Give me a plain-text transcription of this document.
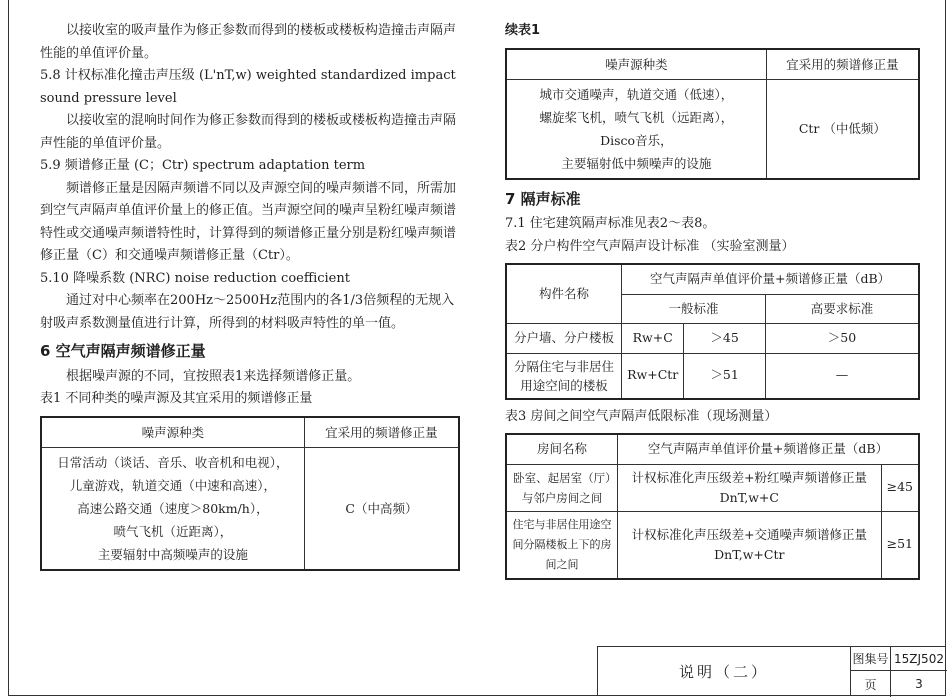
以接收室的吸声量作为修正参数而得到的楼板或楼板构造撞击声隔声性能的单值评价量。

5.8 计权标准化撞击声压级 (L'nT,w) weighted standardized impact sound pressure level

以接收室的混响时间作为修正参数而得到的楼板或楼板构造撞击声隔声性能的单值评价量。

5.9 频谱修正量 (C；Ctr) spectrum adaptation term

频谱修正量是因隔声频谱不同以及声源空间的噪声频谱不同，所需加到空气声隔声单值评价量上的修正值。当声源空间的噪声呈粉红噪声频谱特性或交通噪声频谱特性时，计算得到的频谱修正量分别是粉红噪声频谱修正量（C）和交通噪声频谱修正量（Ctr）。

5.10 降噪系数 (NRC) noise reduction coefficient

通过对中心频率在200Hz～2500Hz范围内的各1/3倍频程的无规入射吸声系数测量值进行计算，所得到的材料吸声特性的单一值。

6 空气声隔声频谱修正量

根据噪声源的不同，宜按照表1来选择频谱修正量。

表1 不同种类的噪声源及其宜采用的频谱修正量

噪声源种类	宜采用的频谱修正量

日常活动（谈话、音乐、收音机和电视），
儿童游戏，轨道交通（中速和高速），
高速公路交通（速度＞80km/h），
喷气飞机（近距离），
主要辐射中高频噪声的设施	C（中高频）

续表1

噪声源种类	宜采用的频谱修正量

城市交通噪声，轨道交通（低速），
螺旋桨飞机，喷气飞机（远距离），
Disco音乐，
主要辐射低中频噪声的设施	Ctr （中低频）
7 隔声标准

7.1 住宅建筑隔声标准见表2～表8。

表2 分户构件空气声隔声设计标准 （实验室测量）

构件名称	空气声隔声单值评价量+频谱修正量（dB）		
	一般标准		高要求标准
分户墙、分户楼板	Rw+C	＞45	＞50
分隔住宅与非居住用途空间的楼板	Rw+Ctr	＞51	—

表3 房间之间空气声隔声低限标准（现场测量）

房间名称	空气声隔声单值评价量+频谱修正量（dB）	
卧室、起居室（厅）与邻户房间之间	计权标准化声压级差+粉红噪声频谱修正量
DnT,w+C	≥45
住宅与非居住用途空间分隔楼板上下的房间之间	计权标准化声压级差+交通噪声频谱修正量
DnT,w+Ctr	≥51
说明（二）
图集号 15ZJ502
页	3
